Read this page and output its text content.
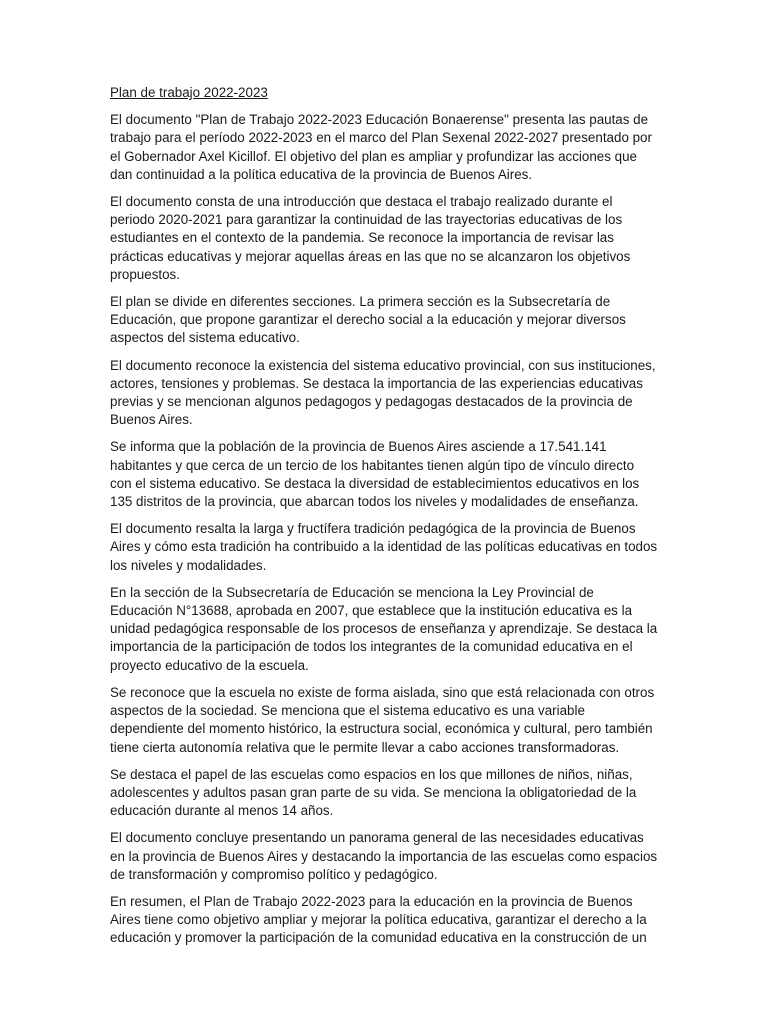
Plan de trabajo 2022-2023

El documento "Plan de Trabajo 2022-2023 Educación Bonaerense" presenta las pautas de trabajo para el período 2022-2023 en el marco del Plan Sexenal 2022-2027 presentado por el Gobernador Axel Kicillof. El objetivo del plan es ampliar y profundizar las acciones que dan continuidad a la política educativa de la provincia de Buenos Aires.

El documento consta de una introducción que destaca el trabajo realizado durante el periodo 2020-2021 para garantizar la continuidad de las trayectorias educativas de los estudiantes en el contexto de la pandemia. Se reconoce la importancia de revisar las prácticas educativas y mejorar aquellas áreas en las que no se alcanzaron los objetivos propuestos.

El plan se divide en diferentes secciones. La primera sección es la Subsecretaría de Educación, que propone garantizar el derecho social a la educación y mejorar diversos aspectos del sistema educativo.

El documento reconoce la existencia del sistema educativo provincial, con sus instituciones, actores, tensiones y problemas. Se destaca la importancia de las experiencias educativas previas y se mencionan algunos pedagogos y pedagogas destacados de la provincia de Buenos Aires.

Se informa que la población de la provincia de Buenos Aires asciende a 17.541.141 habitantes y que cerca de un tercio de los habitantes tienen algún tipo de vínculo directo con el sistema educativo. Se destaca la diversidad de establecimientos educativos en los 135 distritos de la provincia, que abarcan todos los niveles y modalidades de enseñanza.

El documento resalta la larga y fructífera tradición pedagógica de la provincia de Buenos Aires y cómo esta tradición ha contribuido a la identidad de las políticas educativas en todos los niveles y modalidades.

En la sección de la Subsecretaría de Educación se menciona la Ley Provincial de Educación N°13688, aprobada en 2007, que establece que la institución educativa es la unidad pedagógica responsable de los procesos de enseñanza y aprendizaje. Se destaca la importancia de la participación de todos los integrantes de la comunidad educativa en el proyecto educativo de la escuela.

Se reconoce que la escuela no existe de forma aislada, sino que está relacionada con otros aspectos de la sociedad. Se menciona que el sistema educativo es una variable dependiente del momento histórico, la estructura social, económica y cultural, pero también tiene cierta autonomía relativa que le permite llevar a cabo acciones transformadoras.

Se destaca el papel de las escuelas como espacios en los que millones de niños, niñas, adolescentes y adultos pasan gran parte de su vida. Se menciona la obligatoriedad de la educación durante al menos 14 años.

El documento concluye presentando un panorama general de las necesidades educativas en la provincia de Buenos Aires y destacando la importancia de las escuelas como espacios de transformación y compromiso político y pedagógico.

En resumen, el Plan de Trabajo 2022-2023 para la educación en la provincia de Buenos Aires tiene como objetivo ampliar y mejorar la política educativa, garantizar el derecho a la educación y promover la participación de la comunidad educativa en la construcción de un
